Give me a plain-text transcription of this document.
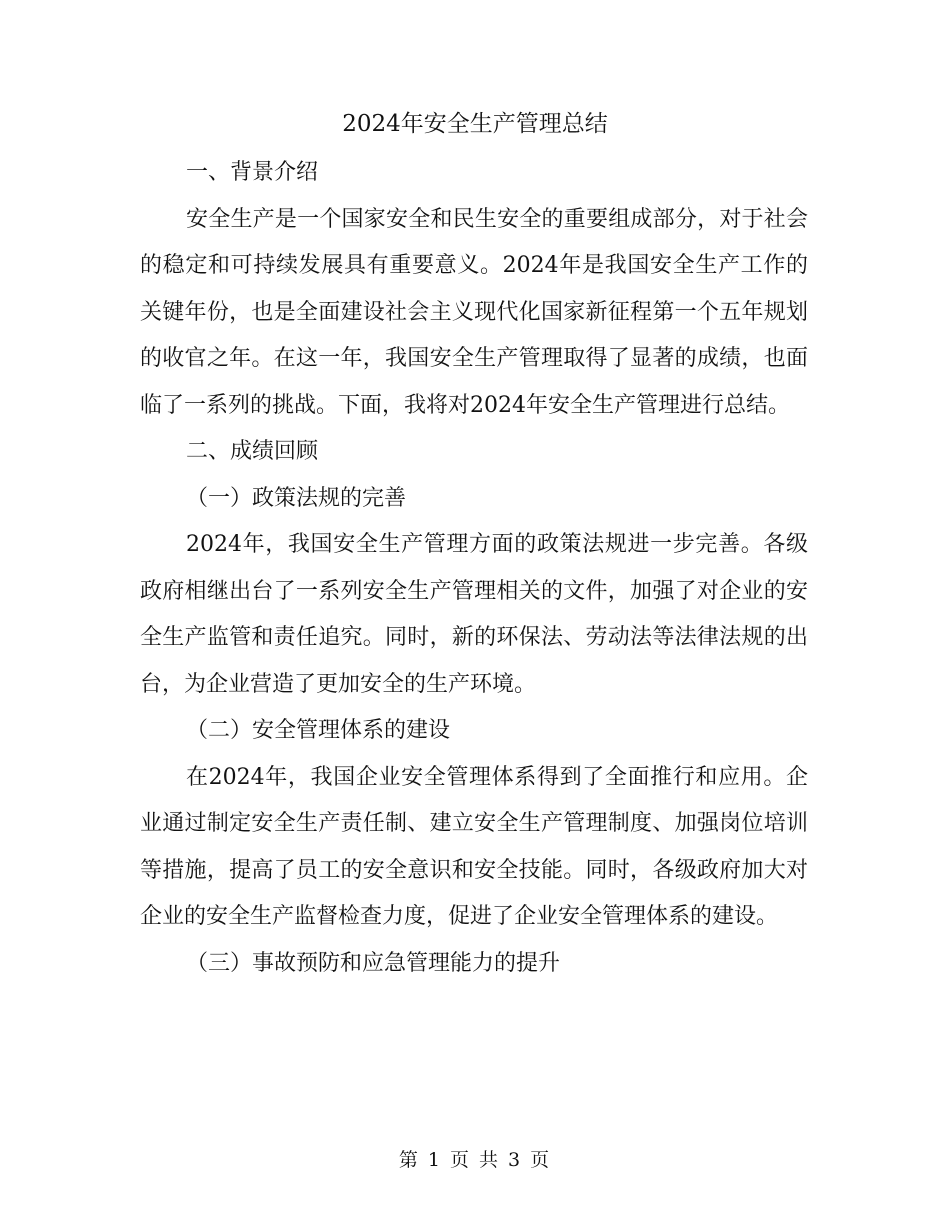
2024年安全生产管理总结

一、背景介绍

安全生产是一个国家安全和民生安全的重要组成部分，对于社会的稳定和可持续发展具有重要意义。2024年是我国安全生产工作的关键年份，也是全面建设社会主义现代化国家新征程第一个五年规划的收官之年。在这一年，我国安全生产管理取得了显著的成绩，也面临了一系列的挑战。下面，我将对2024年安全生产管理进行总结。

二、成绩回顾

（一）政策法规的完善

2024年，我国安全生产管理方面的政策法规进一步完善。各级政府相继出台了一系列安全生产管理相关的文件，加强了对企业的安全生产监管和责任追究。同时，新的环保法、劳动法等法律法规的出台，为企业营造了更加安全的生产环境。

（二）安全管理体系的建设

在2024年，我国企业安全管理体系得到了全面推行和应用。企业通过制定安全生产责任制、建立安全生产管理制度、加强岗位培训等措施，提高了员工的安全意识和安全技能。同时，各级政府加大对企业的安全生产监督检查力度，促进了企业安全管理体系的建设。

（三）事故预防和应急管理能力的提升

第 1 页 共 3 页
